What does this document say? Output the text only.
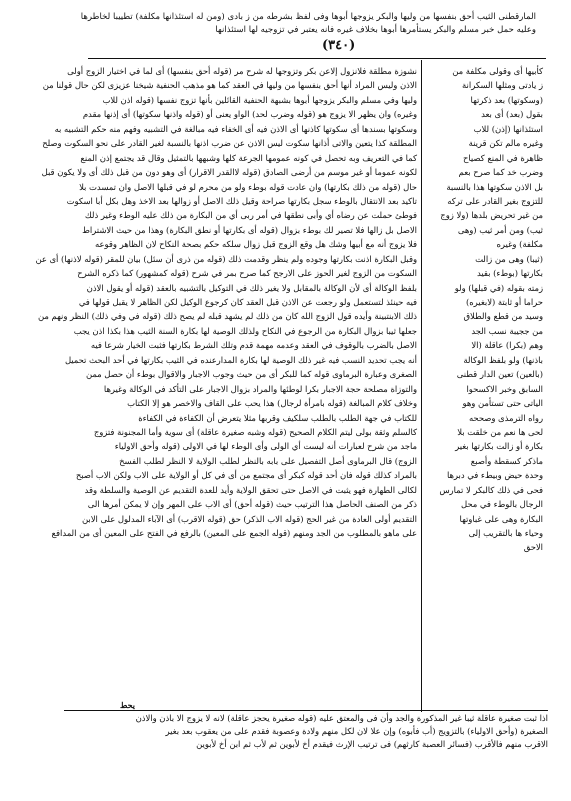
المارقطنى الثيب أحق بنفسها من وليها والبكر يزوجها أبوها وفى لفظ بشرطه من ز بادى (ومن له استئذانها مكلفة) تطييبا لخاطرها
وعليه حمل خبر مسلم والبكر يستأمرها أبوها بخلاف غيره فانه يعتبر في تزوجيه لها استئذانها
(٣٤٠)
نشوزة مطلقة فلانزول إلاعن بكر وتزوجها له شرح مر (قوله أحق بنفسها) أى لما في اختيار الزوج أولى
الاذن وليس المراد أنها أحق بنفسها من وليها في العقد كما هو مذهب الحنفية شيخنا عزيزى لكن حال قولنا من
وليها وفي مسلم والبكر يزوجها أبوها بشبهة الحنفية القائلين بأنها تزوج نفسها (قوله اذن للاب
وغيره) وان يظهر الا يزوج هو (قوله وضرب لحد) الواو يعنى أو (قوله واذنها سكوتها) أى إذنها مقدم
وسكوتها بسندها أى سكوتها كاذنها أى الاذن فيه أى الخفاء فيه مبالغة في التشبيه وفهم منه حكم التشبيه به
المطلقة كذا يتعين والاتى أذانها سكوت ليس الاذن عن ضرب اذنها بالنسبة لغير القادر على نحو السكوت وصلح
كما في التعريف وبه تحصل في كونه عمومها الجرعة كلها وشبهها بالتمثيل وقال قد يجتمع إذن المنع
لكونه عموما أو غير موسم من أرضى الصادق (قوله لاالقدر الاقرار) أى وهو دون من قبل ذلك أى ولا يكون قبل
حال (قوله من ذلك بكارتها) وان عادت قوله بوطء ولو من محرم لو في قبلها الاصل وان تمسدت بلا
تاكيد بعد الانتقال بالوطء سجل بكارتها صراحة وقيل ذلك الاصل أو زوالها بعد الاخذ وهل بكل أبا اسكوت
فوطئ حملت عن رضاه أي وأبى نطقها في أمر ربى أي من البكارة من ذلك عليه الوطء وغير ذلك
الاصل بل زالها فلا تصير لك بوطء بزوال (قوله أى بكارتها أو نطق البكارة) وهذا من حيث الاشتراط
فلا يزوج أنه مع أبيها وشك هل وقع الزوج قبل زوال سلكه حكم بصحة النكاح لان الظاهر وقوعه
وقبل البكارة اذنت بكارتها وجوده ولم ينظر وقدمت ذلك (قوله من ذرى أن سئل) بيان للمقر (قوله لاذنها) أى عن
السكوت من الزوج لغير الحوز على الارجح كما صرح بمر في شرح (قوله كمشهور) كما ذكره الشرح
بلفظ الوكالة أى لأن الوكالة بالمقابل ولا يغير ذلك في التوكيل بالتشبيه بالعقد (قوله أو يقول الاذن
فيه حينئذ لتستعمل ولو رجعت عن الاذن قبل العقد كان كرجوع الوكيل لكن الظاهر لا يقبل قولها في
ذلك الابنتبينة وأيده قول الزوج الله كان من ذلك لم يشهد قبله لم يصح ذلك (قوله في وفي ذلك) النظر ونهم من
جعلها ثيبا بزوال البكارة من الرجوع في النكاح ولذلك الوصية لها بكارة السنة الثيب هذا بكذا اذن يجب
الاصل بالضرب بالوقوف في العقد وعدمه مهمة قدم وتلك الشرط بكارتها فثبت الخيار شرعا فيه
أنه يجب تحديد النسب فيه غير ذلك الوصية لها بكارة المدارعنده في الثيب بكارتها في أحد البحث تحميل
الصغرى وعبارة البرماوى قوله كما للبكر أى من حيث وجوب الاجبار والاقوال بوطء أن حصل ممن
والتوزاة مصلحة حجة الاجبار بكرا لوطئها والمراد بزوال الاجبار على التأكد في الوكالة وغيرها
وخلاف كلام المبالغة (قوله بامرأة لرجال) هذا يحب على القاف والاخصر هو إلا الكتاب
للكتاب في جهة الطلب بالطلب سلكيف وقربها مثلا يتعرض أن الكفاءة في الكفاءة
كالسلم وثقة بولى ليتم الكلام الصحيح (قوله وشبه صغيرة عاقلة) أى سوية وأما المجنونة فتزوج
ماجد من شرح لعبارات أنه ليست أي الولى وأى الوطء لها في الاولى (قوله وأحق الاولياء
الزوج) قال البرماوى أصل التفصيل على بابه بالنظر لطلب الولاية لا النظر لطلب الفسخ
بالمراد كذلك قوله فان أحد قوله كبكر أى مجتمع من أى في كل أو الولاية على الاب ولكن الاب أصبح
لكالى الطهارة فهو يثبت في الاصل حتى تحقق الولاية وأيد للعدة التقديم عن الوصية والسلطة وقد
ذكر من الصنف الحاصل هذا الترتيب حيث (قوله أحق) أى الاب على المهر وإن لا يمكن أمرها الى
التقديم أولى العادة من غير الحج (قوله الاب الذكر) حق (قوله الاقرب) أى الآباء المدلول على الابن
على ماهو بالمطلوب من الجد ومنهم (قوله الجمع على المعين) بالرفع في الفتح على المعين أى من المدافع
كأبيها أى وقولى مكلفة من
ز يادتى ومثلها السكرانة
(وسكوتها) بعد ذكرتها
بقول (بعد) أى بعد
استئذانها (إذن) للاب
وغيره مالم تكن قرينة
ظاهرة في المنع كصياح
وضرب خد كما صرح بعم
بل الاذن سكوتها هذا بالنسبة
للتزوج بغير القادر على تركه
من غير تحريض بلدها (ولا زوج
ثيب) ومن أمر ثيب (وهى
مكلفة) وغيره
(ثيبا) وهى من زالت
بكارتها (بوطء) بقيد
زمته بقوله (في قبلها) ولو
حراما أو ثابتة (لابغيره)
وسيد من قطع والطلاق
من ججيبة نسب الجد
وهم (بكرا) عاقلة (الا
باذنها) ولو بلفظ الوكالة
(بالعين) تعين الدار قطنى
السابق وخبر الاكسحوا
الياتى حتى تستأمن وهو
رواه الترمذى وصححه
لحى ها نعم من خلقت بلا
بكارة أو زالت بكارتها بغير
ماذكر كسقطة وأصبع
وحدة حيض وبيطء في دبرها
فحى في ذلك كالبكر لا تمارس
الرجال بالوطء في محل
البكارة وهى على غباوتها
وحياء ها بالتقريب إلى
الاحق
يحط
اذا ثبت صغيرة عاقلة ثيبا غير المذكورة والجد وأن فى والمعتق عليه (قوله صغيرة يحجز عاقلة) لانه لا يزوج الا باذن والاذن
الصغيرة (وأحق الاولياء) بالتزويج (أب فأبوه) وإن علا لان لكل منهم ولادة وعصوبة فقدم على من يعقوب بعد بغير
الاقرب منهم فالأقرب (فسائر العصبة كارثهم) فى ترتيب الإرث فيقدم أخ لأبوين ثم لأب ثم ابن أخ لأبوين
